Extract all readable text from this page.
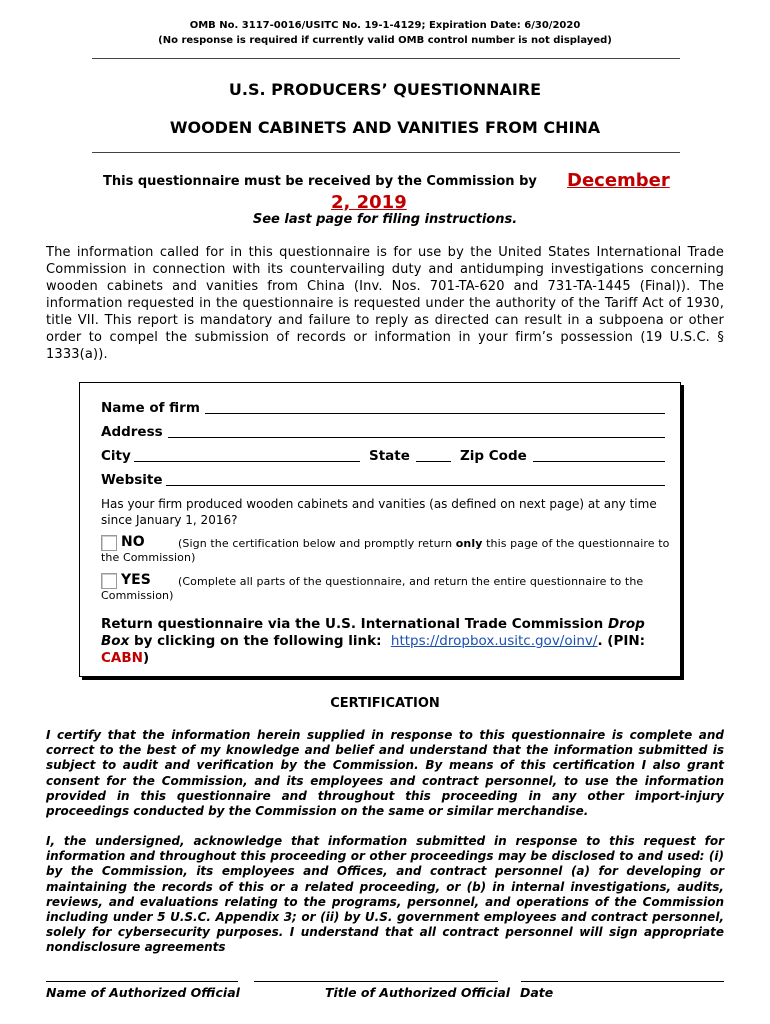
OMB No. 3117-0016/USITC No. 19-1-4129; Expiration Date: 6/30/2020
(No response is required if currently valid OMB control number is not displayed)
U.S. PRODUCERS’ QUESTIONNAIRE
WOODEN CABINETS AND VANITIES FROM CHINA
This questionnaire must be received by the Commission by December
2, 2019
See last page for filing instructions.
The information called for in this questionnaire is for use by the United States International Trade Commission in connection with its countervailing duty and antidumping investigations concerning wooden cabinets and vanities from China (Inv. Nos. 701-TA-620 and 731-TA-1445 (Final)). The information requested in the questionnaire is requested under the authority of the Tariff Act of 1930, title VII. This report is mandatory and failure to reply as directed can result in a subpoena or other order to compel the submission of records or information in your firm’s possession (19 U.S.C. § 1333(a)).
Name of firm
Address
City	State	Zip Code
Website
Has your firm produced wooden cabinets and vanities (as defined on next page) at any time since January 1, 2016?
NO	(Sign the certification below and promptly return only this page of the questionnaire to
the Commission)
YES (Complete all parts of the questionnaire, and return the entire questionnaire to the
Commission)
Return questionnaire via the U.S. International Trade Commission Drop Box by clicking on the following link: https://dropbox.usitc.gov/oinv/. (PIN: CABN)
CERTIFICATION
I certify that the information herein supplied in response to this questionnaire is complete and correct to the best of my knowledge and belief and understand that the information submitted is subject to audit and verification by the Commission. By means of this certification I also grant consent for the Commission, and its employees and contract personnel, to use the information provided in this questionnaire and throughout this proceeding in any other import-injury proceedings conducted by the Commission on the same or similar merchandise.
I, the undersigned, acknowledge that information submitted in response to this request for information and throughout this proceeding or other proceedings may be disclosed to and used: (i) by the Commission, its employees and Offices, and contract personnel (a) for developing or maintaining the records of this or a related proceeding, or (b) in internal investigations, audits, reviews, and evaluations relating to the programs, personnel, and operations of the Commission including under 5 U.S.C. Appendix 3; or (ii) by U.S. government employees and contract personnel, solely for cybersecurity purposes. I understand that all contract personnel will sign appropriate nondisclosure agreements
Name of Authorized Official	Title of Authorized Official Date
